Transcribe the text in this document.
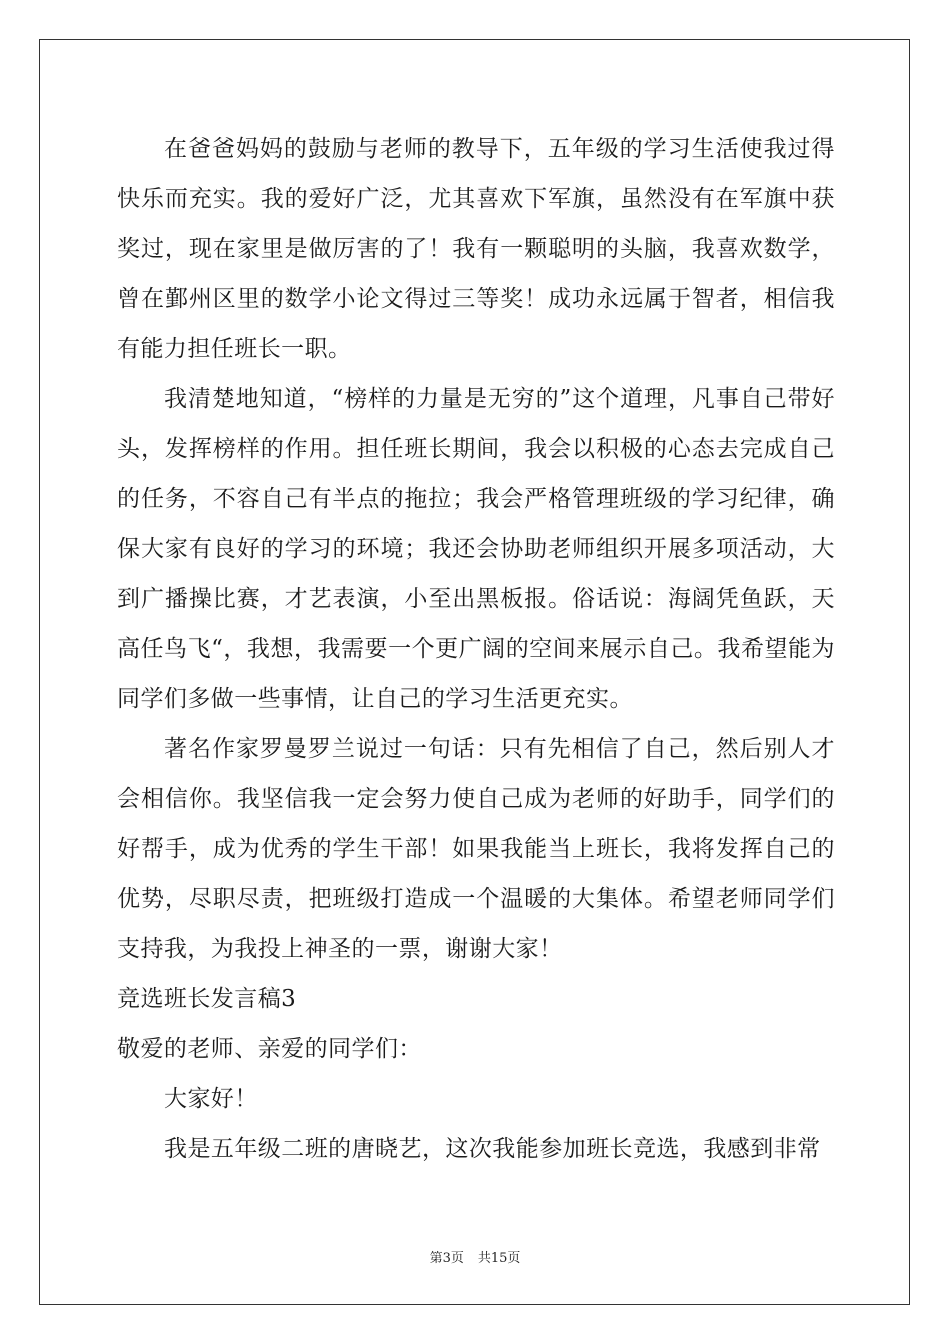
在爸爸妈妈的鼓励与老师的教导下，五年级的学习生活使我过得快乐而充实。我的爱好广泛，尤其喜欢下军旗，虽然没有在军旗中获奖过，现在家里是做厉害的了！我有一颗聪明的头脑，我喜欢数学，曾在鄞州区里的数学小论文得过三等奖！成功永远属于智者，相信我有能力担任班长一职。

我清楚地知道，“榜样的力量是无穷的”这个道理，凡事自己带好头，发挥榜样的作用。担任班长期间，我会以积极的心态去完成自己的任务，不容自己有半点的拖拉；我会严格管理班级的学习纪律，确保大家有良好的学习的环境；我还会协助老师组织开展多项活动，大到广播操比赛，才艺表演，小至出黑板报。俗话说：海阔凭鱼跃，天高任鸟飞“，我想，我需要一个更广阔的空间来展示自己。我希望能为同学们多做一些事情，让自己的学习生活更充实。

著名作家罗曼罗兰说过一句话：只有先相信了自己，然后别人才会相信你。我坚信我一定会努力使自己成为老师的好助手，同学们的好帮手，成为优秀的学生干部！如果我能当上班长，我将发挥自己的优势，尽职尽责，把班级打造成一个温暖的大集体。希望老师同学们支持我，为我投上神圣的一票，谢谢大家！

竞选班长发言稿3

敬爱的老师、亲爱的同学们：

大家好！

我是五年级二班的唐晓艺，这次我能参加班长竞选，我感到非常

第3页 共15页
